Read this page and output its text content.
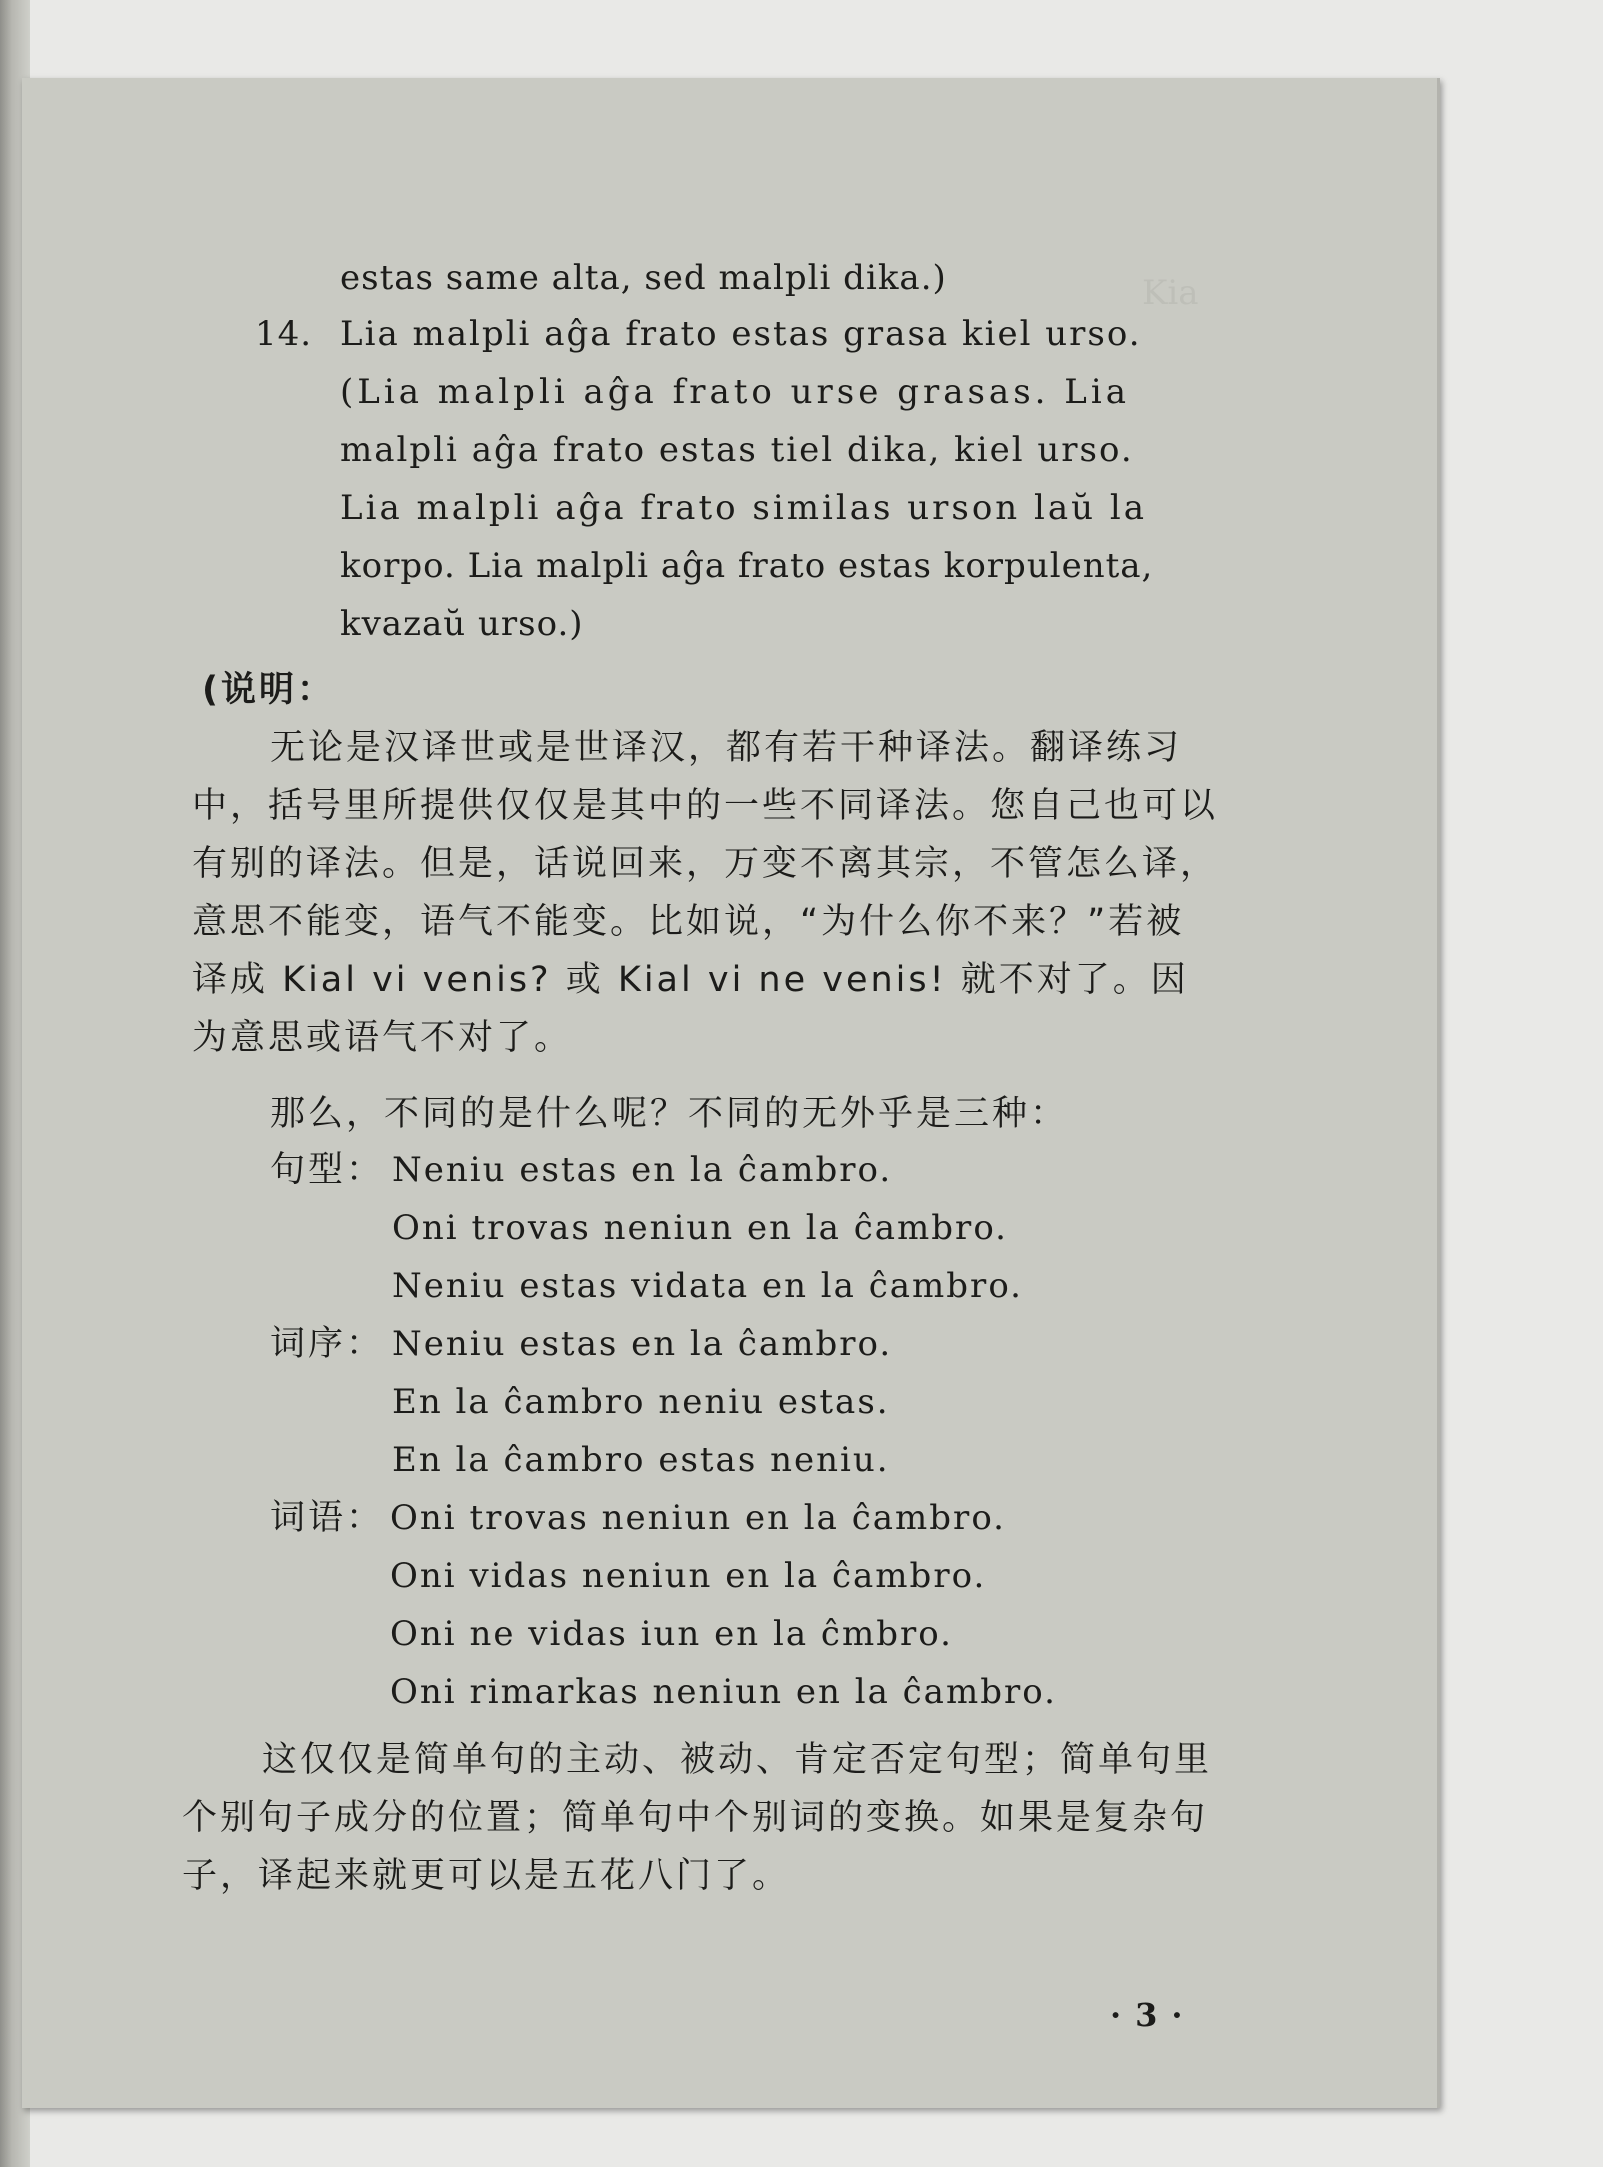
Kia
estas same alta, sed malpli dika.)
14. Lia malpli aĝa frato estas grasa kiel urso.
(Lia malpli aĝa frato urse grasas. Lia
malpli aĝa frato estas tiel dika, kiel urso.
Lia malpli aĝa frato similas urson laŭ la
korpo. Lia malpli aĝa frato estas korpulenta,
kvazaŭ urso.)
(说明：
无论是汉译世或是世译汉，都有若干种译法。翻译练习
中，括号里所提供仅仅是其中的一些不同译法。您自己也可以
有别的译法。但是，话说回来，万变不离其宗，不管怎么译，
意思不能变，语气不能变。比如说，“为什么你不来？”若被
译成 Kial vi venis? 或 Kial vi ne venis! 就不对了。因
为意思或语气不对了。
那么，不同的是什么呢？不同的无外乎是三种：
句型： Neniu estas en la ĉambro.
Oni trovas neniun en la ĉambro.
Neniu estas vidata en la ĉambro.
词序： Neniu estas en la ĉambro.
En la ĉambro neniu estas.
En la ĉambro estas neniu.
词语： Oni trovas neniun en la ĉambro.
Oni vidas neniun en la ĉambro.
Oni ne vidas iun en la ĉmbro.
Oni rimarkas neniun en la ĉambro.
这仅仅是简单句的主动、被动、肯定否定句型；简单句里
个别句子成分的位置；简单句中个别词的变换。如果是复杂句
子，译起来就更可以是五花八门了。
·3·
